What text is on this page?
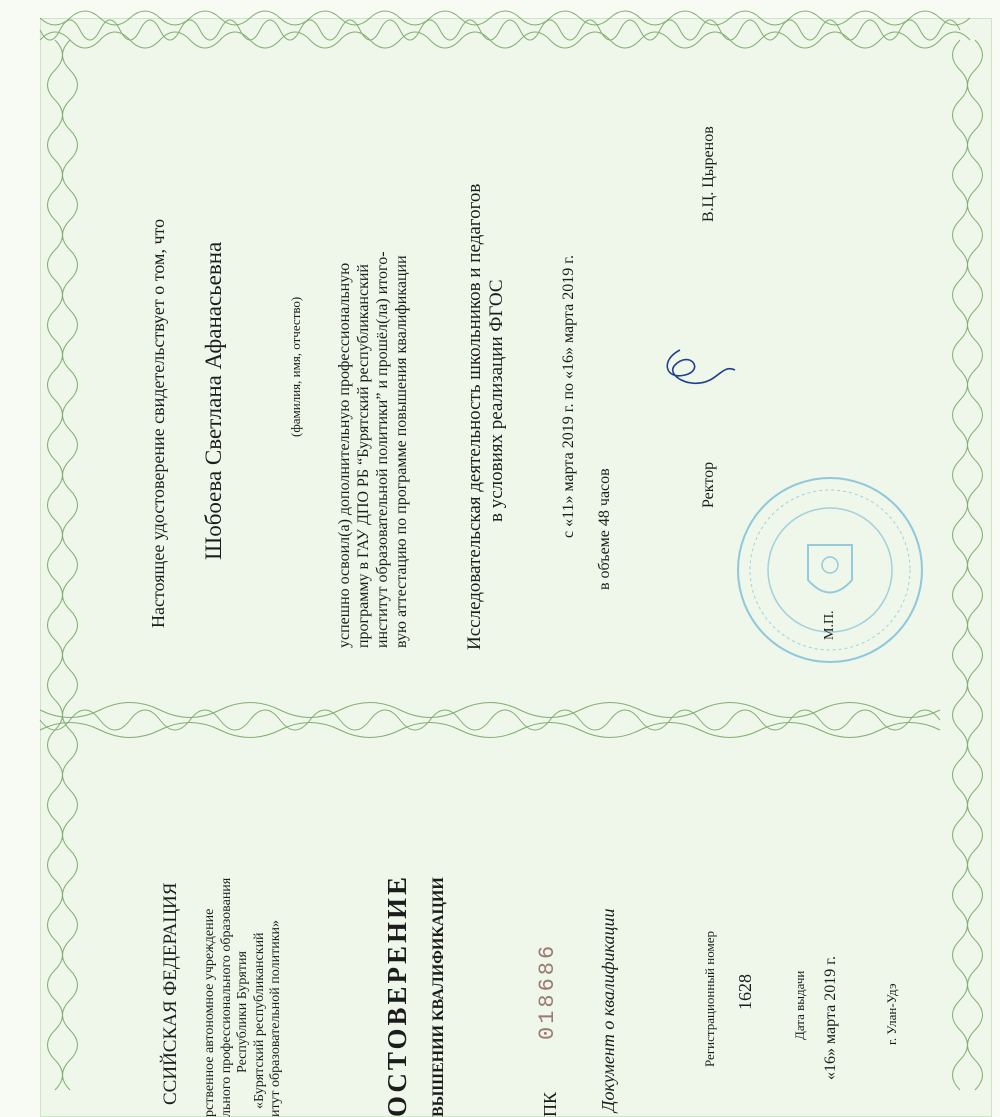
ССИЙСКАЯ ФЕДЕРАЦИЯ рственное автономное учреждение льного профессионального образования Республики Бурятия «Бурятский республиканский итут образовательной политики»	ОСТОВЕРЕНИЕ ВЫШЕНИИ КВАЛИФИКАЦИИ	ПК
018686 Документ о квалификации	Регистрационный номер 1628	Дата выдачи «16» марта 2019 г.	г. Улан-Удэ
Настоящее удостоверение свидетельствует о том, что Шобоева Светлана Афанасьевна	(фамилия, имя, отчество) успешно освоил(а) дополнительную профессиональную программу в ГАУ ДПО РБ “Бурятский республиканский институт образовательной политики” и прошёл(ла) итого- вую аттестацию по программе повышения квалификации	Исследовательская деятельность школьников и педагогов в условиях реализации ФГОС	с «11» марта 2019 г. по «16» марта 2019 г. в объеме 48 часов	Ректор
В.Ц. Цыренов
М.П.
